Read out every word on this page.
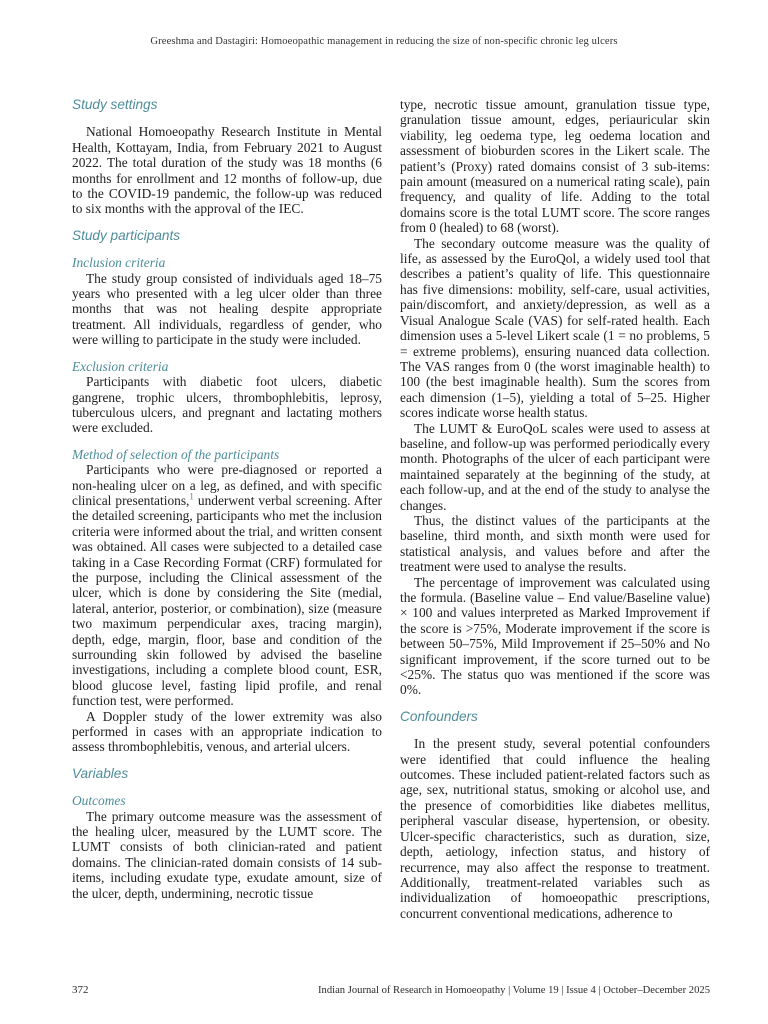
Greeshma and Dastagiri: Homoeopathic management in reducing the size of non-specific chronic leg ulcers
Study settings

National Homoeopathy Research Institute in Mental Health, Kottayam, India, from February 2021 to August 2022. The total duration of the study was 18 months (6 months for enrollment and 12 months of follow-up, due to the COVID-19 pandemic, the follow-up was reduced to six months with the approval of the IEC.

Study participants
Inclusion criteria

The study group consisted of individuals aged 18–75 years who presented with a leg ulcer older than three months that was not healing despite appropriate treatment. All individuals, regardless of gender, who were willing to participate in the study were included.

Exclusion criteria

Participants with diabetic foot ulcers, diabetic gangrene, trophic ulcers, thrombophlebitis, leprosy, tuberculous ulcers, and pregnant and lactating mothers were excluded.

Method of selection of the participants

Participants who were pre-diagnosed or reported a non-healing ulcer on a leg, as defined, and with specific clinical presentations,$^1$ underwent verbal screening. After the detailed screening, participants who met the inclusion criteria were informed about the trial, and written consent was obtained. All cases were subjected to a detailed case taking in a Case Recording Format (CRF) formulated for the purpose, including the Clinical assessment of the ulcer, which is done by considering the Site (medial, lateral, anterior, posterior, or combination), size (measure two maximum perpendicular axes, tracing margin), depth, edge, margin, floor, base and condition of the surrounding skin followed by advised the baseline investigations, including a complete blood count, ESR, blood glucose level, fasting lipid profile, and renal function test, were performed.

A Doppler study of the lower extremity was also performed in cases with an appropriate indication to assess thrombophlebitis, venous, and arterial ulcers.

Variables
Outcomes

The primary outcome measure was the assessment of the healing ulcer, measured by the LUMT score. The LUMT consists of both clinician-rated and patient domains. The clinician-rated domain consists of 14 sub-items, including exudate type, exudate amount, size of the ulcer, depth, undermining, necrotic tissue

type, necrotic tissue amount, granulation tissue type, granulation tissue amount, edges, periauricular skin viability, leg oedema type, leg oedema location and assessment of bioburden scores in the Likert scale. The patient’s (Proxy) rated domains consist of 3 sub-items: pain amount (measured on a numerical rating scale), pain frequency, and quality of life. Adding to the total domains score is the total LUMT score. The score ranges from 0 (healed) to 68 (worst).

The secondary outcome measure was the quality of life, as assessed by the EuroQol, a widely used tool that describes a patient’s quality of life. This questionnaire has five dimensions: mobility, self-care, usual activities, pain/discomfort, and anxiety/depression, as well as a Visual Analogue Scale (VAS) for self-rated health. Each dimension uses a 5-level Likert scale (1 = no problems, 5 = extreme problems), ensuring nuanced data collection. The VAS ranges from 0 (the worst imaginable health) to 100 (the best imaginable health). Sum the scores from each dimension (1–5), yielding a total of 5–25. Higher scores indicate worse health status.

The LUMT & EuroQoL scales were used to assess at baseline, and follow-up was performed periodically every month. Photographs of the ulcer of each participant were maintained separately at the beginning of the study, at each follow-up, and at the end of the study to analyse the changes.

Thus, the distinct values of the participants at the baseline, third month, and sixth month were used for statistical analysis, and values before and after the treatment were used to analyse the results.

The percentage of improvement was calculated using the formula. (Baseline value – End value/Baseline value) × 100 and values interpreted as Marked Improvement if the score is >75%, Moderate improvement if the score is between 50–75%, Mild Improvement if 25–50% and No significant improvement, if the score turned out to be <25%. The status quo was mentioned if the score was 0%.

Confounders

In the present study, several potential confounders were identified that could influence the healing outcomes. These included patient-related factors such as age, sex, nutritional status, smoking or alcohol use, and the presence of comorbidities like diabetes mellitus, peripheral vascular disease, hypertension, or obesity. Ulcer-specific characteristics, such as duration, size, depth, aetiology, infection status, and history of recurrence, may also affect the response to treatment. Additionally, treatment-related variables such as individualization of homoeopathic prescriptions, concurrent conventional medications, adherence to

372	Indian Journal of Research in Homoeopathy | Volume 19 | Issue 4 | October–December 2025
